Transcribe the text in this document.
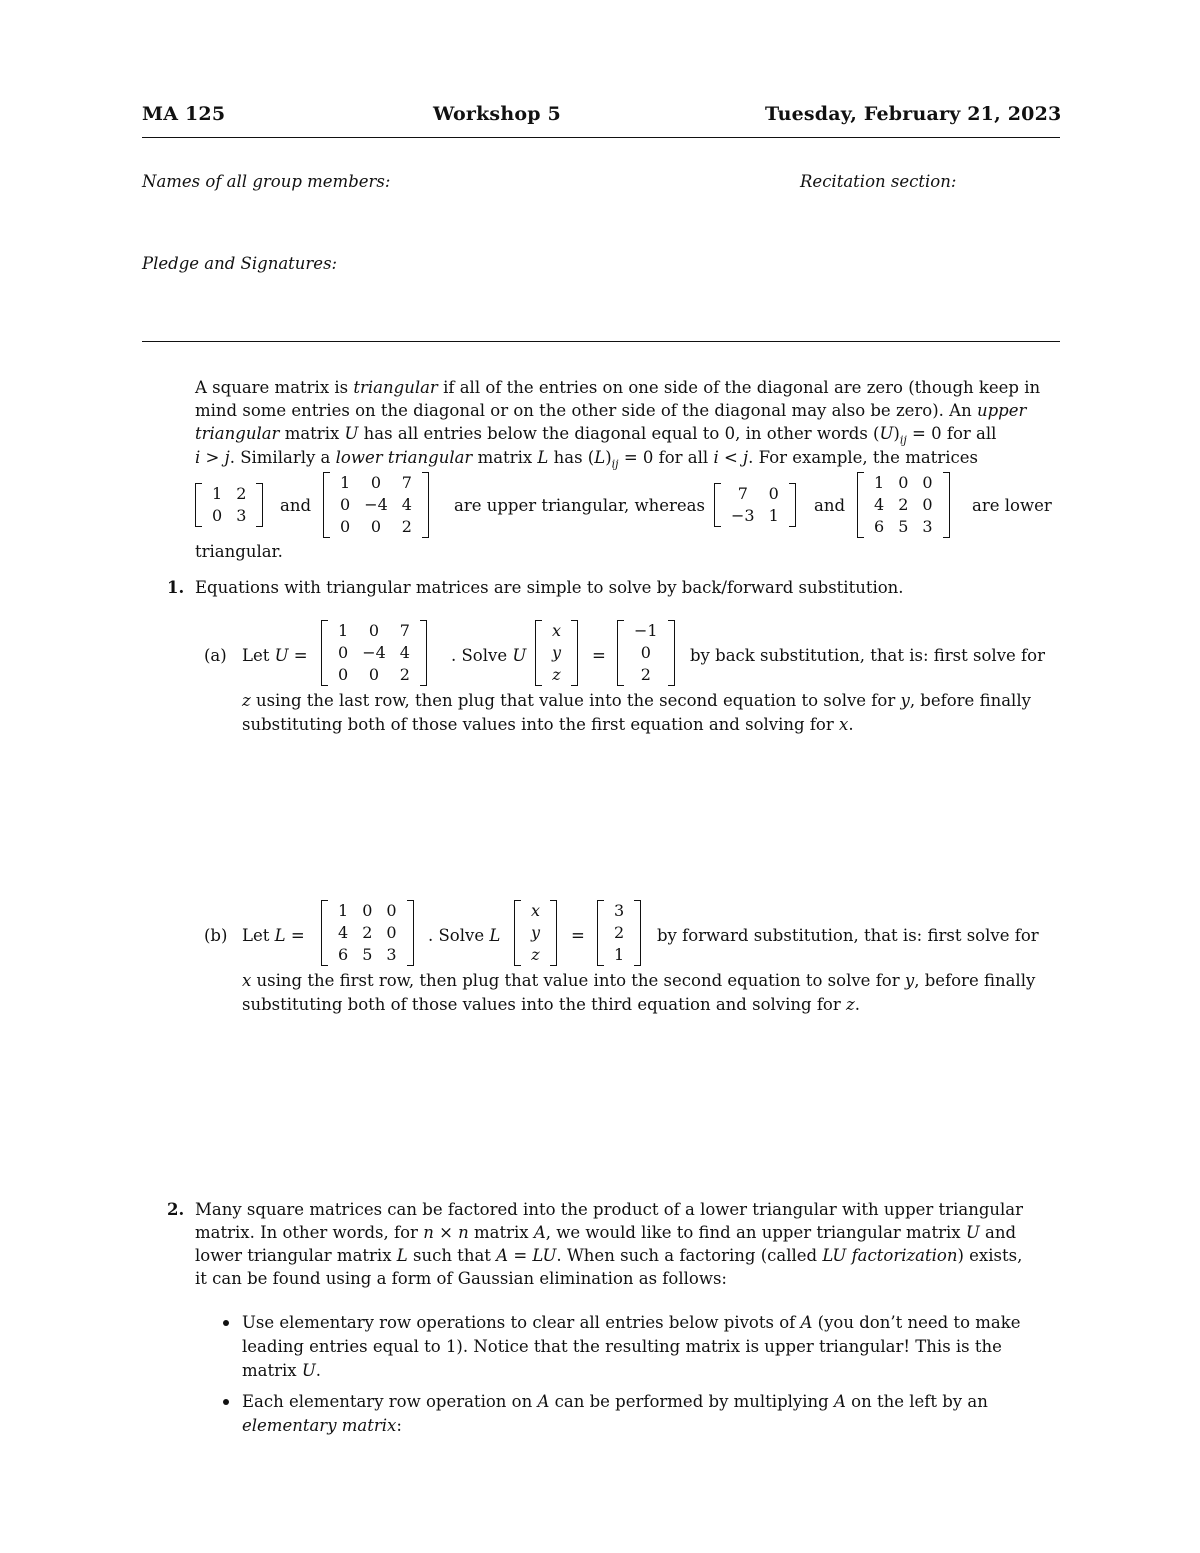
MA 125	Workshop 5	Tuesday, February 21, 2023
Names of all group members:	Recitation section:
Pledge and Signatures:
A square matrix is triangular if all of the entries on one side of the diagonal are zero (though keep in
mind some entries on the diagonal or on the other side of the diagonal may also be zero). An upper
triangular matrix U has all entries below the diagonal equal to 0, in other words $(U)_{ij} = 0$ for all
i > j. Similarly a lower triangular matrix L has $(L)_{ij} = 0$ for all i < j. For example, the matrices
1	2
0	3
and
1	0	7
0	−4	4
0	0	2
are upper triangular, whereas
7	0
−3	1
and
1	0	0
4	2	0
6	5	3
are lower
triangular.
1. Equations with triangular matrices are simple to solve by back/forward substitution.
(a) Let U =
1	0	7
0	−4	4
0	0	2
. Solve U
x
y
z
=
−1
0
2
by back substitution, that is: first solve for
z using the last row, then plug that value into the second equation to solve for y, before finally
substituting both of those values into the first equation and solving for x.
(b) Let L =
1	0	0
4	2	0
6	5	3
. Solve L
x
y
z
=
3
2
1
by forward substitution, that is: first solve for
x using the first row, then plug that value into the second equation to solve for y, before finally
substituting both of those values into the third equation and solving for z.
2. Many square matrices can be factored into the product of a lower triangular with upper triangular
matrix. In other words, for n × n matrix A, we would like to find an upper triangular matrix U and
lower triangular matrix L such that A = LU. When such a factoring (called LU factorization) exists,
it can be found using a form of Gaussian elimination as follows:
Use elementary row operations to clear all entries below pivots of A (you don’t need to make
leading entries equal to 1). Notice that the resulting matrix is upper triangular! This is the
matrix U.
Each elementary row operation on A can be performed by multiplying A on the left by an
elementary matrix:
